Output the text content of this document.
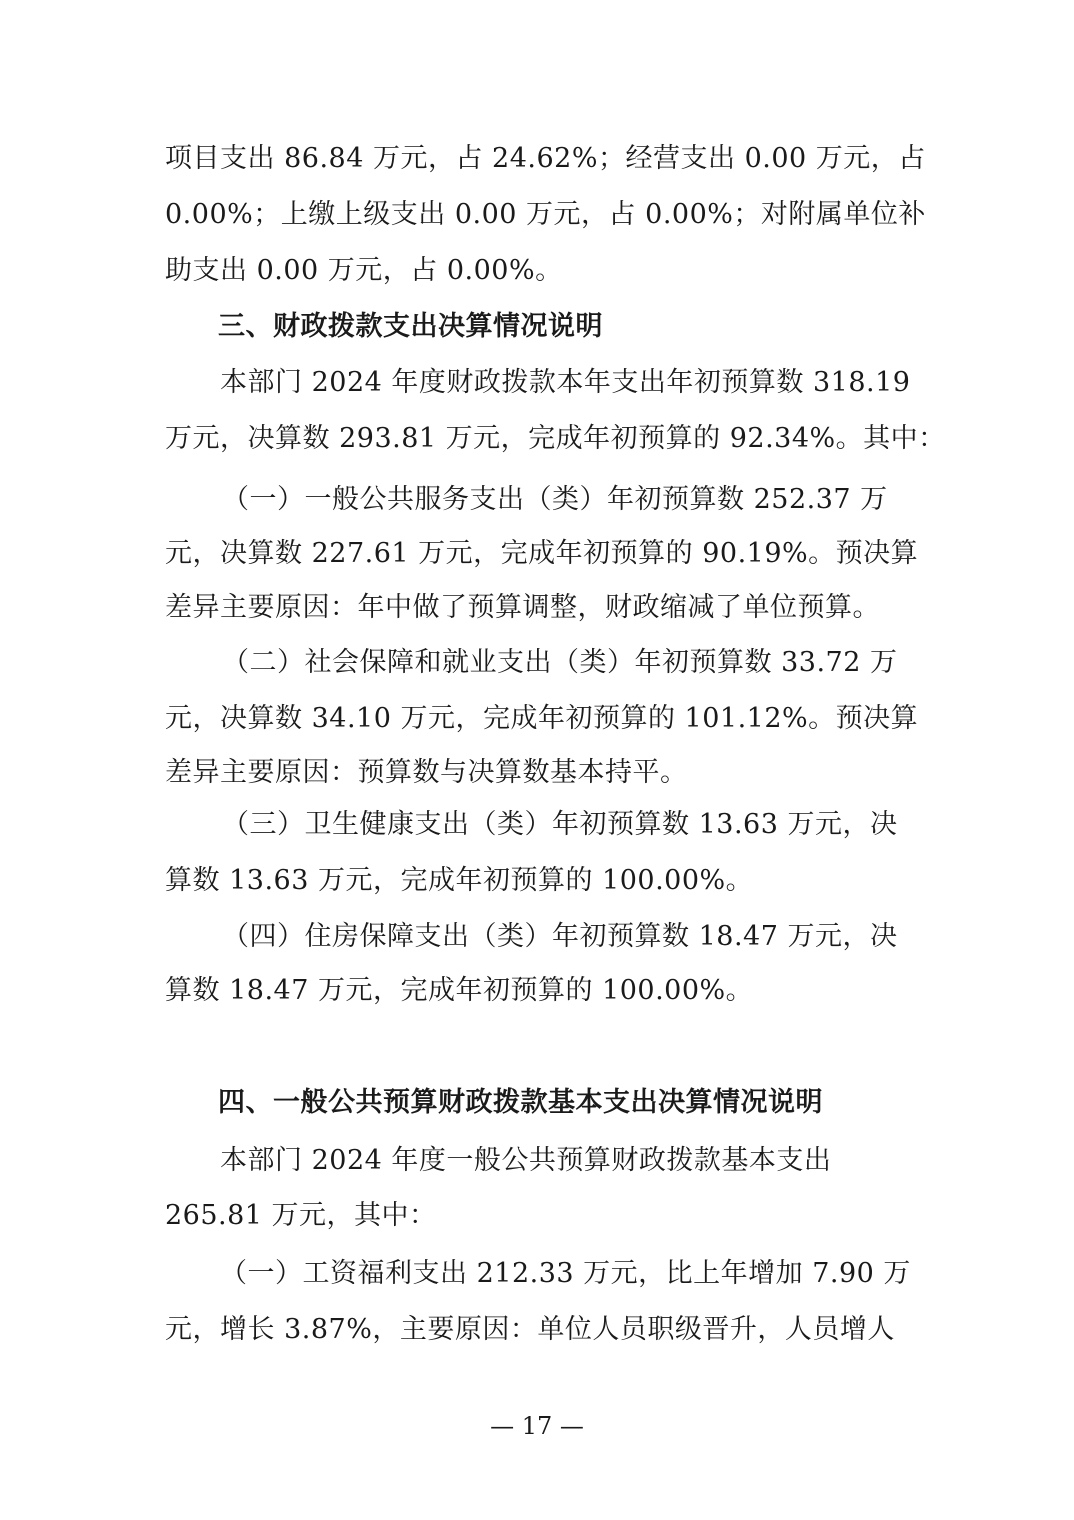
项目支出 86.84 万元，占 24.62%；经营支出 0.00 万元，占
0.00%；上缴上级支出 0.00 万元，占 0.00%；对附属单位补
助支出 0.00 万元，占 0.00%。
三、财政拨款支出决算情况说明
本部门 2024 年度财政拨款本年支出年初预算数 318.19
万元，决算数 293.81 万元，完成年初预算的 92.34%。其中：
（一）一般公共服务支出（类）年初预算数 252.37 万
元，决算数 227.61 万元，完成年初预算的 90.19%。预决算
差异主要原因：年中做了预算调整，财政缩减了单位预算。
（二）社会保障和就业支出（类）年初预算数 33.72 万
元，决算数 34.10 万元，完成年初预算的 101.12%。预决算
差异主要原因：预算数与决算数基本持平。
（三）卫生健康支出（类）年初预算数 13.63 万元，决
算数 13.63 万元，完成年初预算的 100.00%。
（四）住房保障支出（类）年初预算数 18.47 万元，决
算数 18.47 万元，完成年初预算的 100.00%。
四、一般公共预算财政拨款基本支出决算情况说明
本部门 2024 年度一般公共预算财政拨款基本支出
265.81 万元，其中：
（一）工资福利支出 212.33 万元，比上年增加 7.90 万
元，增长 3.87%，主要原因：单位人员职级晋升，人员增人
— 17 —
